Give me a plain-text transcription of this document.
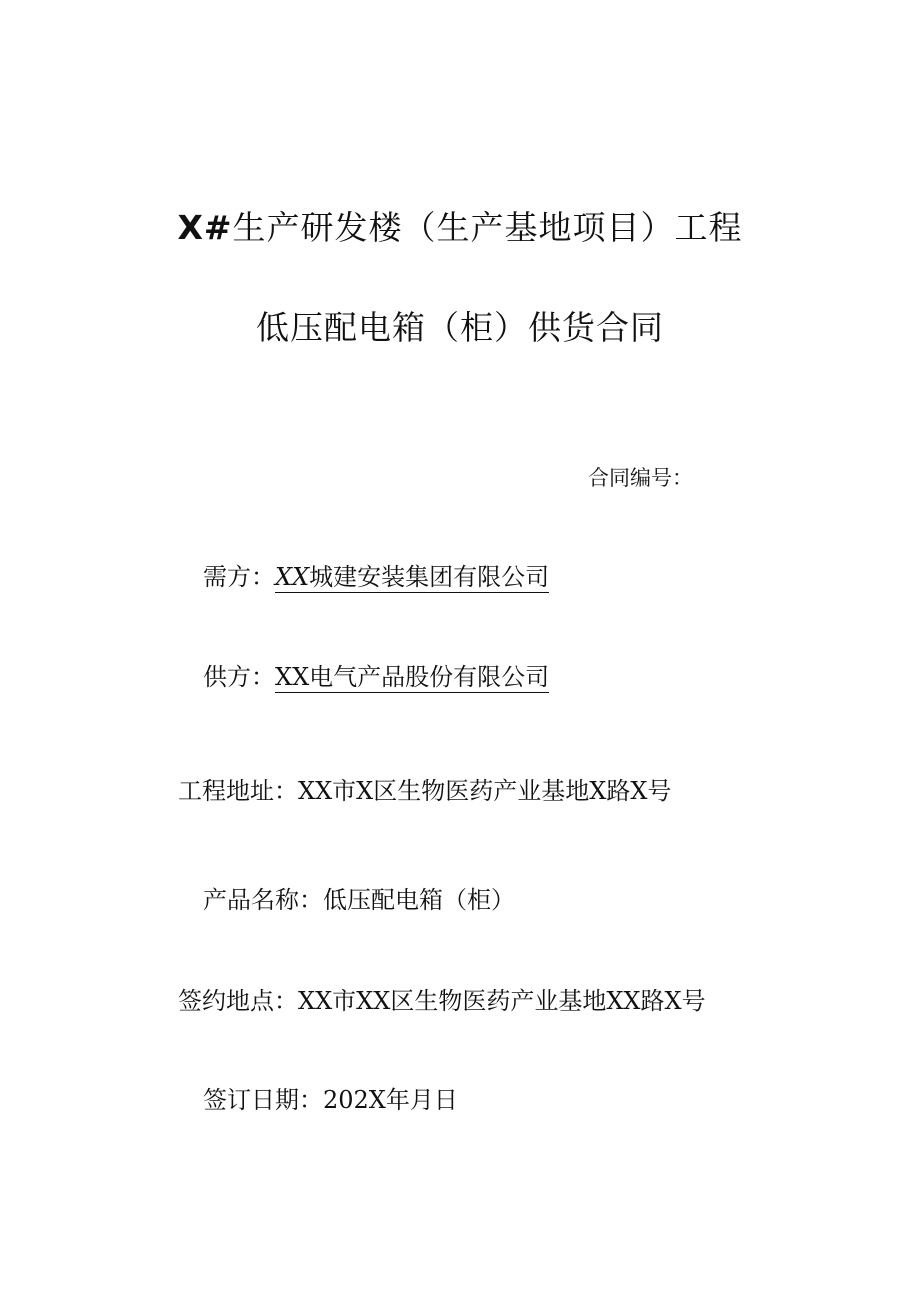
X#生产研发楼（生产基地项目）工程
低压配电箱（柜）供货合同
合同编号：
需方：XX城建安装集团有限公司
供方：XX电气产品股份有限公司
工程地址：XX市X区生物医药产业基地X路X号
产品名称：低压配电箱（柜）
签约地点：XX市XX区生物医药产业基地XX路X号
签订日期：202X年月日
